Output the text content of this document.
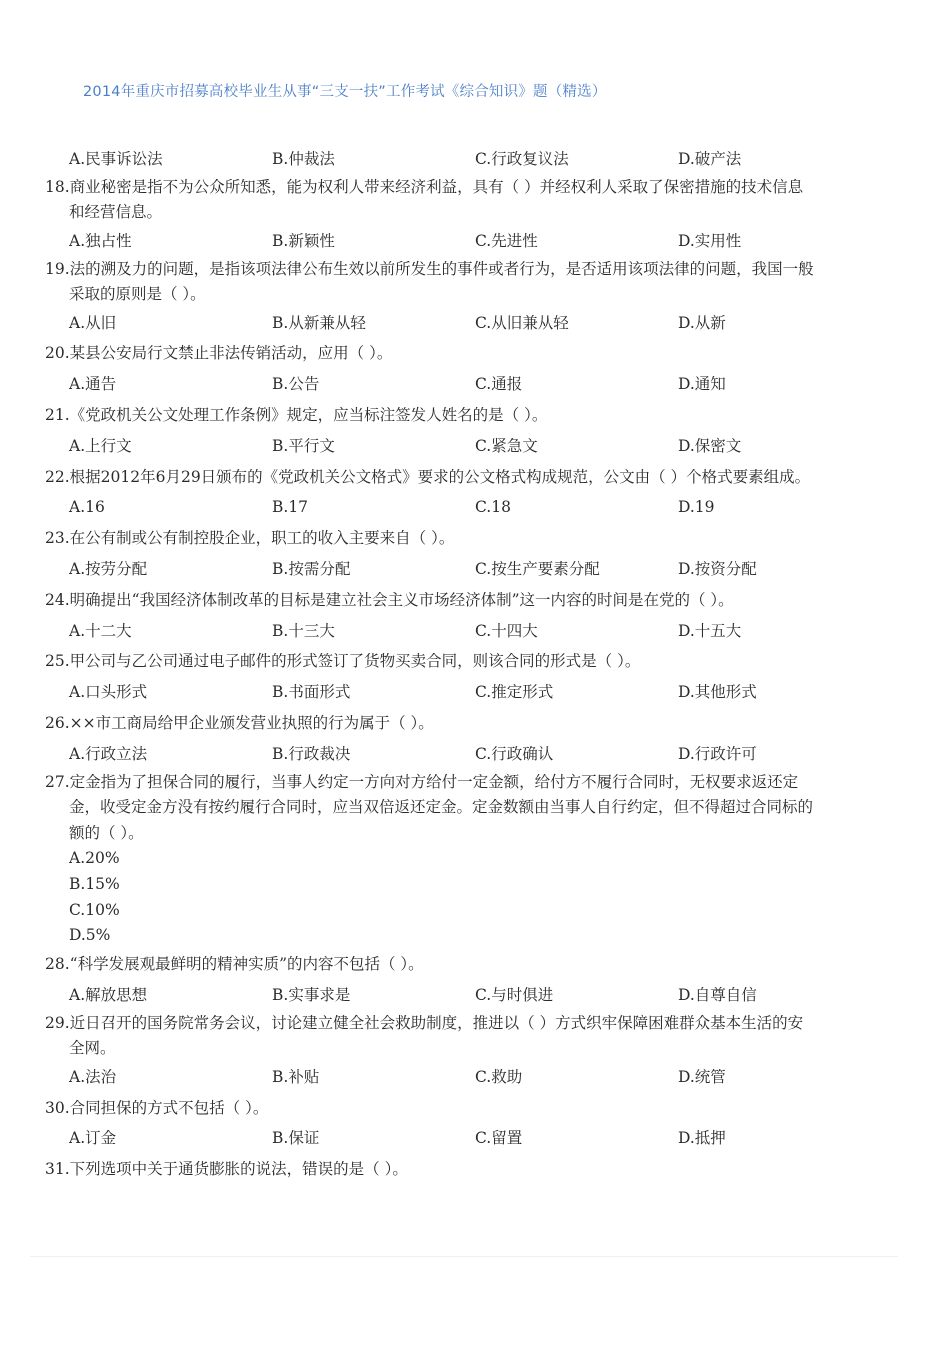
2014年重庆市招募高校毕业生从事“三支一扶”工作考试《综合知识》题（精选）
A.民事诉讼法	B.仲裁法	C.行政复议法	D.破产法
18.商业秘密是指不为公众所知悉，能为权利人带来经济利益，具有（ ）并经权利人采取了保密措施的技术信息
和经营信息。
A.独占性	B.新颖性	C.先进性	D.实用性
19.法的溯及力的问题，是指该项法律公布生效以前所发生的事件或者行为，是否适用该项法律的问题，我国一般
采取的原则是（ ）。
A.从旧	B.从新兼从轻	C.从旧兼从轻	D.从新
20.某县公安局行文禁止非法传销活动，应用（ ）。
A.通告	B.公告	C.通报	D.通知
21.《党政机关公文处理工作条例》规定，应当标注签发人姓名的是（ ）。
A.上行文	B.平行文	C.紧急文	D.保密文
22.根据2012年6月29日颁布的《党政机关公文格式》要求的公文格式构成规范，公文由（ ）个格式要素组成。
A.16	B.17	C.18	D.19
23.在公有制或公有制控股企业，职工的收入主要来自（ ）。
A.按劳分配	B.按需分配	C.按生产要素分配	D.按资分配
24.明确提出“我国经济体制改革的目标是建立社会主义市场经济体制”这一内容的时间是在党的（ ）。
A.十二大	B.十三大	C.十四大	D.十五大
25.甲公司与乙公司通过电子邮件的形式签订了货物买卖合同，则该合同的形式是（ ）。
A.口头形式	B.书面形式	C.推定形式	D.其他形式
26.××市工商局给甲企业颁发营业执照的行为属于（ ）。
A.行政立法	B.行政裁决	C.行政确认	D.行政许可
27.定金指为了担保合同的履行，当事人约定一方向对方给付一定金额，给付方不履行合同时，无权要求返还定
金，收受定金方没有按约履行合同时，应当双倍返还定金。定金数额由当事人自行约定，但不得超过合同标的
额的（ ）。
A.20%
B.15%
C.10%
D.5%
28.“科学发展观最鲜明的精神实质”的内容不包括（ ）。
A.解放思想	B.实事求是	C.与时俱进	D.自尊自信
29.近日召开的国务院常务会议，讨论建立健全社会救助制度，推进以（ ）方式织牢保障困难群众基本生活的安
全网。
A.法治	B.补贴	C.救助	D.统管
30.合同担保的方式不包括（ ）。
A.订金	B.保证	C.留置	D.抵押
31.下列选项中关于通货膨胀的说法，错误的是（ ）。
